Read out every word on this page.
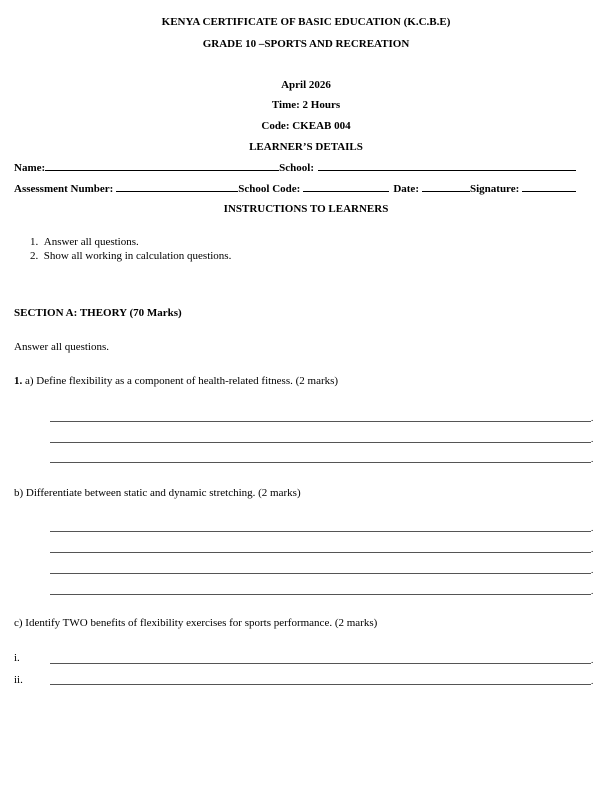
KENYA CERTIFICATE OF BASIC EDUCATION (K.C.B.E)
GRADE 10 –SPORTS AND RECREATION
April 2026
Time: 2 Hours
Code: CKEAB 004
LEARNER’S DETAILS
Name:	School:
Assessment Number:	School Code:	Date:	Signature:
INSTRUCTIONS TO LEARNERS
1. Answer all questions.
2. Show all working in calculation questions.
SECTION A: THEORY (70 Marks)
Answer all questions.
1. a) Define flexibility as a component of health-related fitness. (2 marks)
.
.
.
b) Differentiate between static and dynamic stretching. (2 marks)
.
.
.
.
c) Identify TWO benefits of flexibility exercises for sports performance. (2 marks)
i.	.
ii.	.
